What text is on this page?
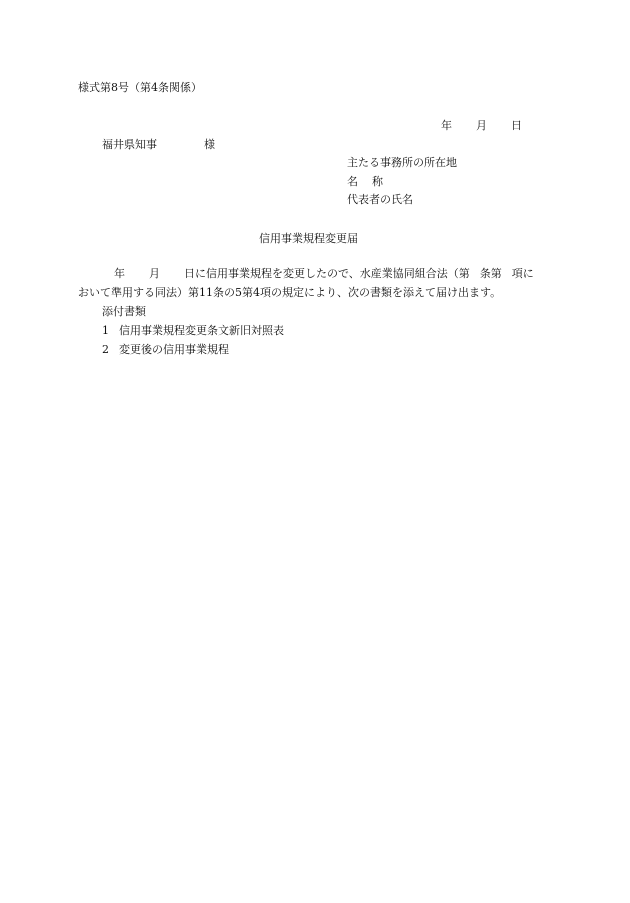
様式第8号（第4条関係）
年 月 日
福井県知事	様
主たる事務所の所在地
名 称
代表者の氏名
信用事業規程変更届
年 月 日に信用事業規程を変更したので、水産業協同組合法（第 条第 項に
おいて準用する同法）第11条の5第4項の規定により、次の書類を添えて届け出ます。
添付書類
1 信用事業規程変更条文新旧対照表
2 変更後の信用事業規程
